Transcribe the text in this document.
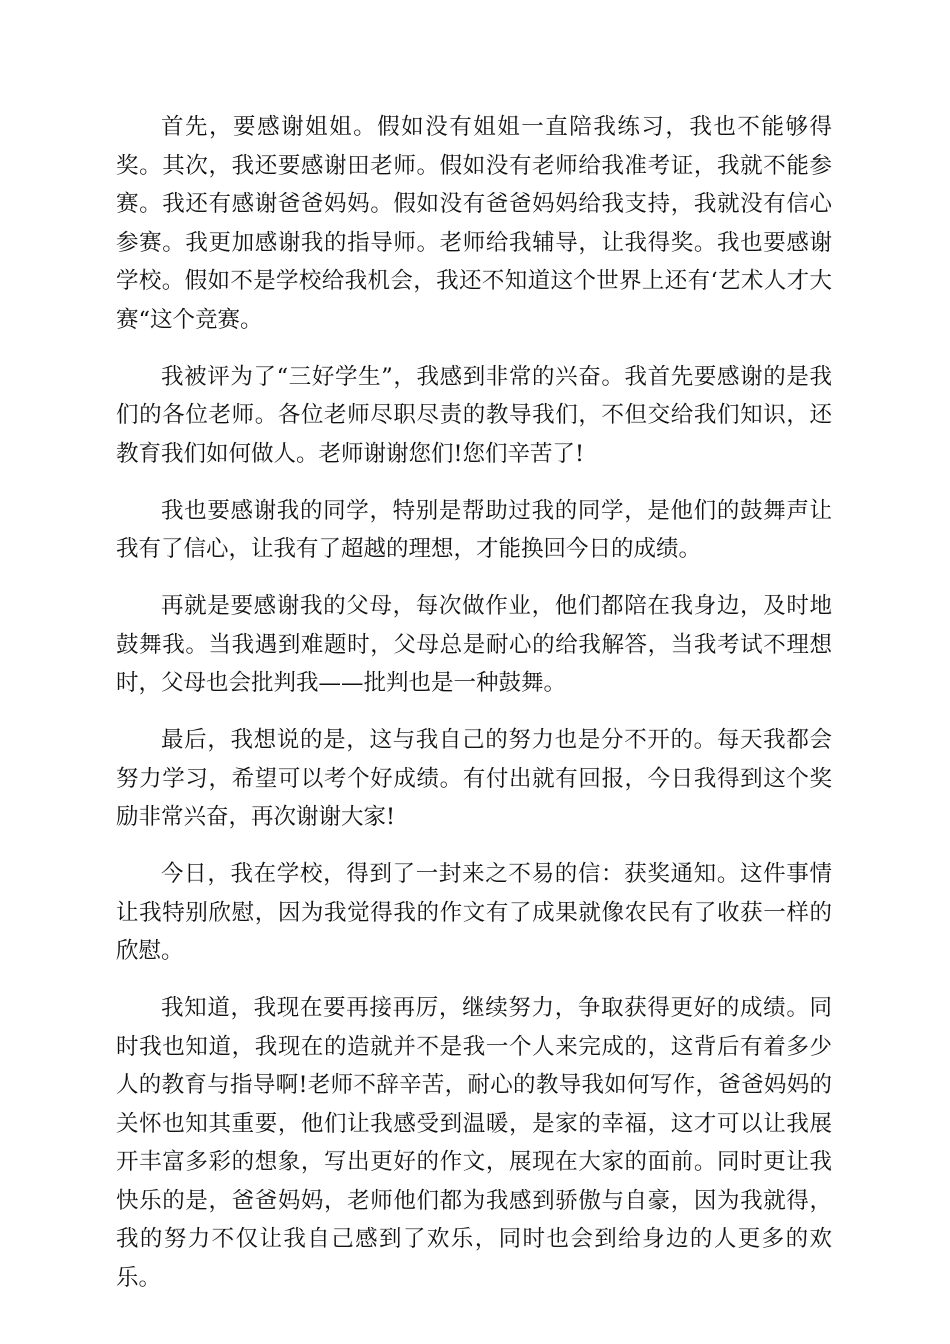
首先，要感谢姐姐。假如没有姐姐一直陪我练习，我也不能够得奖。其次，我还要感谢田老师。假如没有老师给我准考证，我就不能参赛。我还有感谢爸爸妈妈。假如没有爸爸妈妈给我支持，我就没有信心参赛。我更加感谢我的指导师。老师给我辅导，让我得奖。我也要感谢学校。假如不是学校给我机会，我还不知道这个世界上还有‘艺术人才大赛“这个竞赛。

我被评为了“三好学生”，我感到非常的兴奋。我首先要感谢的是我们的各位老师。各位老师尽职尽责的教导我们，不但交给我们知识，还教育我们如何做人。老师谢谢您们!您们辛苦了!

我也要感谢我的同学，特别是帮助过我的同学，是他们的鼓舞声让我有了信心，让我有了超越的理想，才能换回今日的成绩。

再就是要感谢我的父母，每次做作业，他们都陪在我身边，及时地鼓舞我。当我遇到难题时，父母总是耐心的给我解答，当我考试不理想时，父母也会批判我——批判也是一种鼓舞。

最后，我想说的是，这与我自己的努力也是分不开的。每天我都会努力学习，希望可以考个好成绩。有付出就有回报，今日我得到这个奖励非常兴奋，再次谢谢大家!

今日，我在学校，得到了一封来之不易的信：获奖通知。这件事情让我特别欣慰，因为我觉得我的作文有了成果就像农民有了收获一样的欣慰。

我知道，我现在要再接再厉，继续努力，争取获得更好的成绩。同时我也知道，我现在的造就并不是我一个人来完成的，这背后有着多少人的教育与指导啊!老师不辞辛苦，耐心的教导我如何写作，爸爸妈妈的关怀也知其重要，他们让我感受到温暖，是家的幸福，这才可以让我展开丰富多彩的想象，写出更好的作文，展现在大家的面前。同时更让我快乐的是，爸爸妈妈，老师他们都为我感到骄傲与自豪，因为我就得，我的努力不仅让我自己感到了欢乐，同时也会到给身边的人更多的欢乐。
